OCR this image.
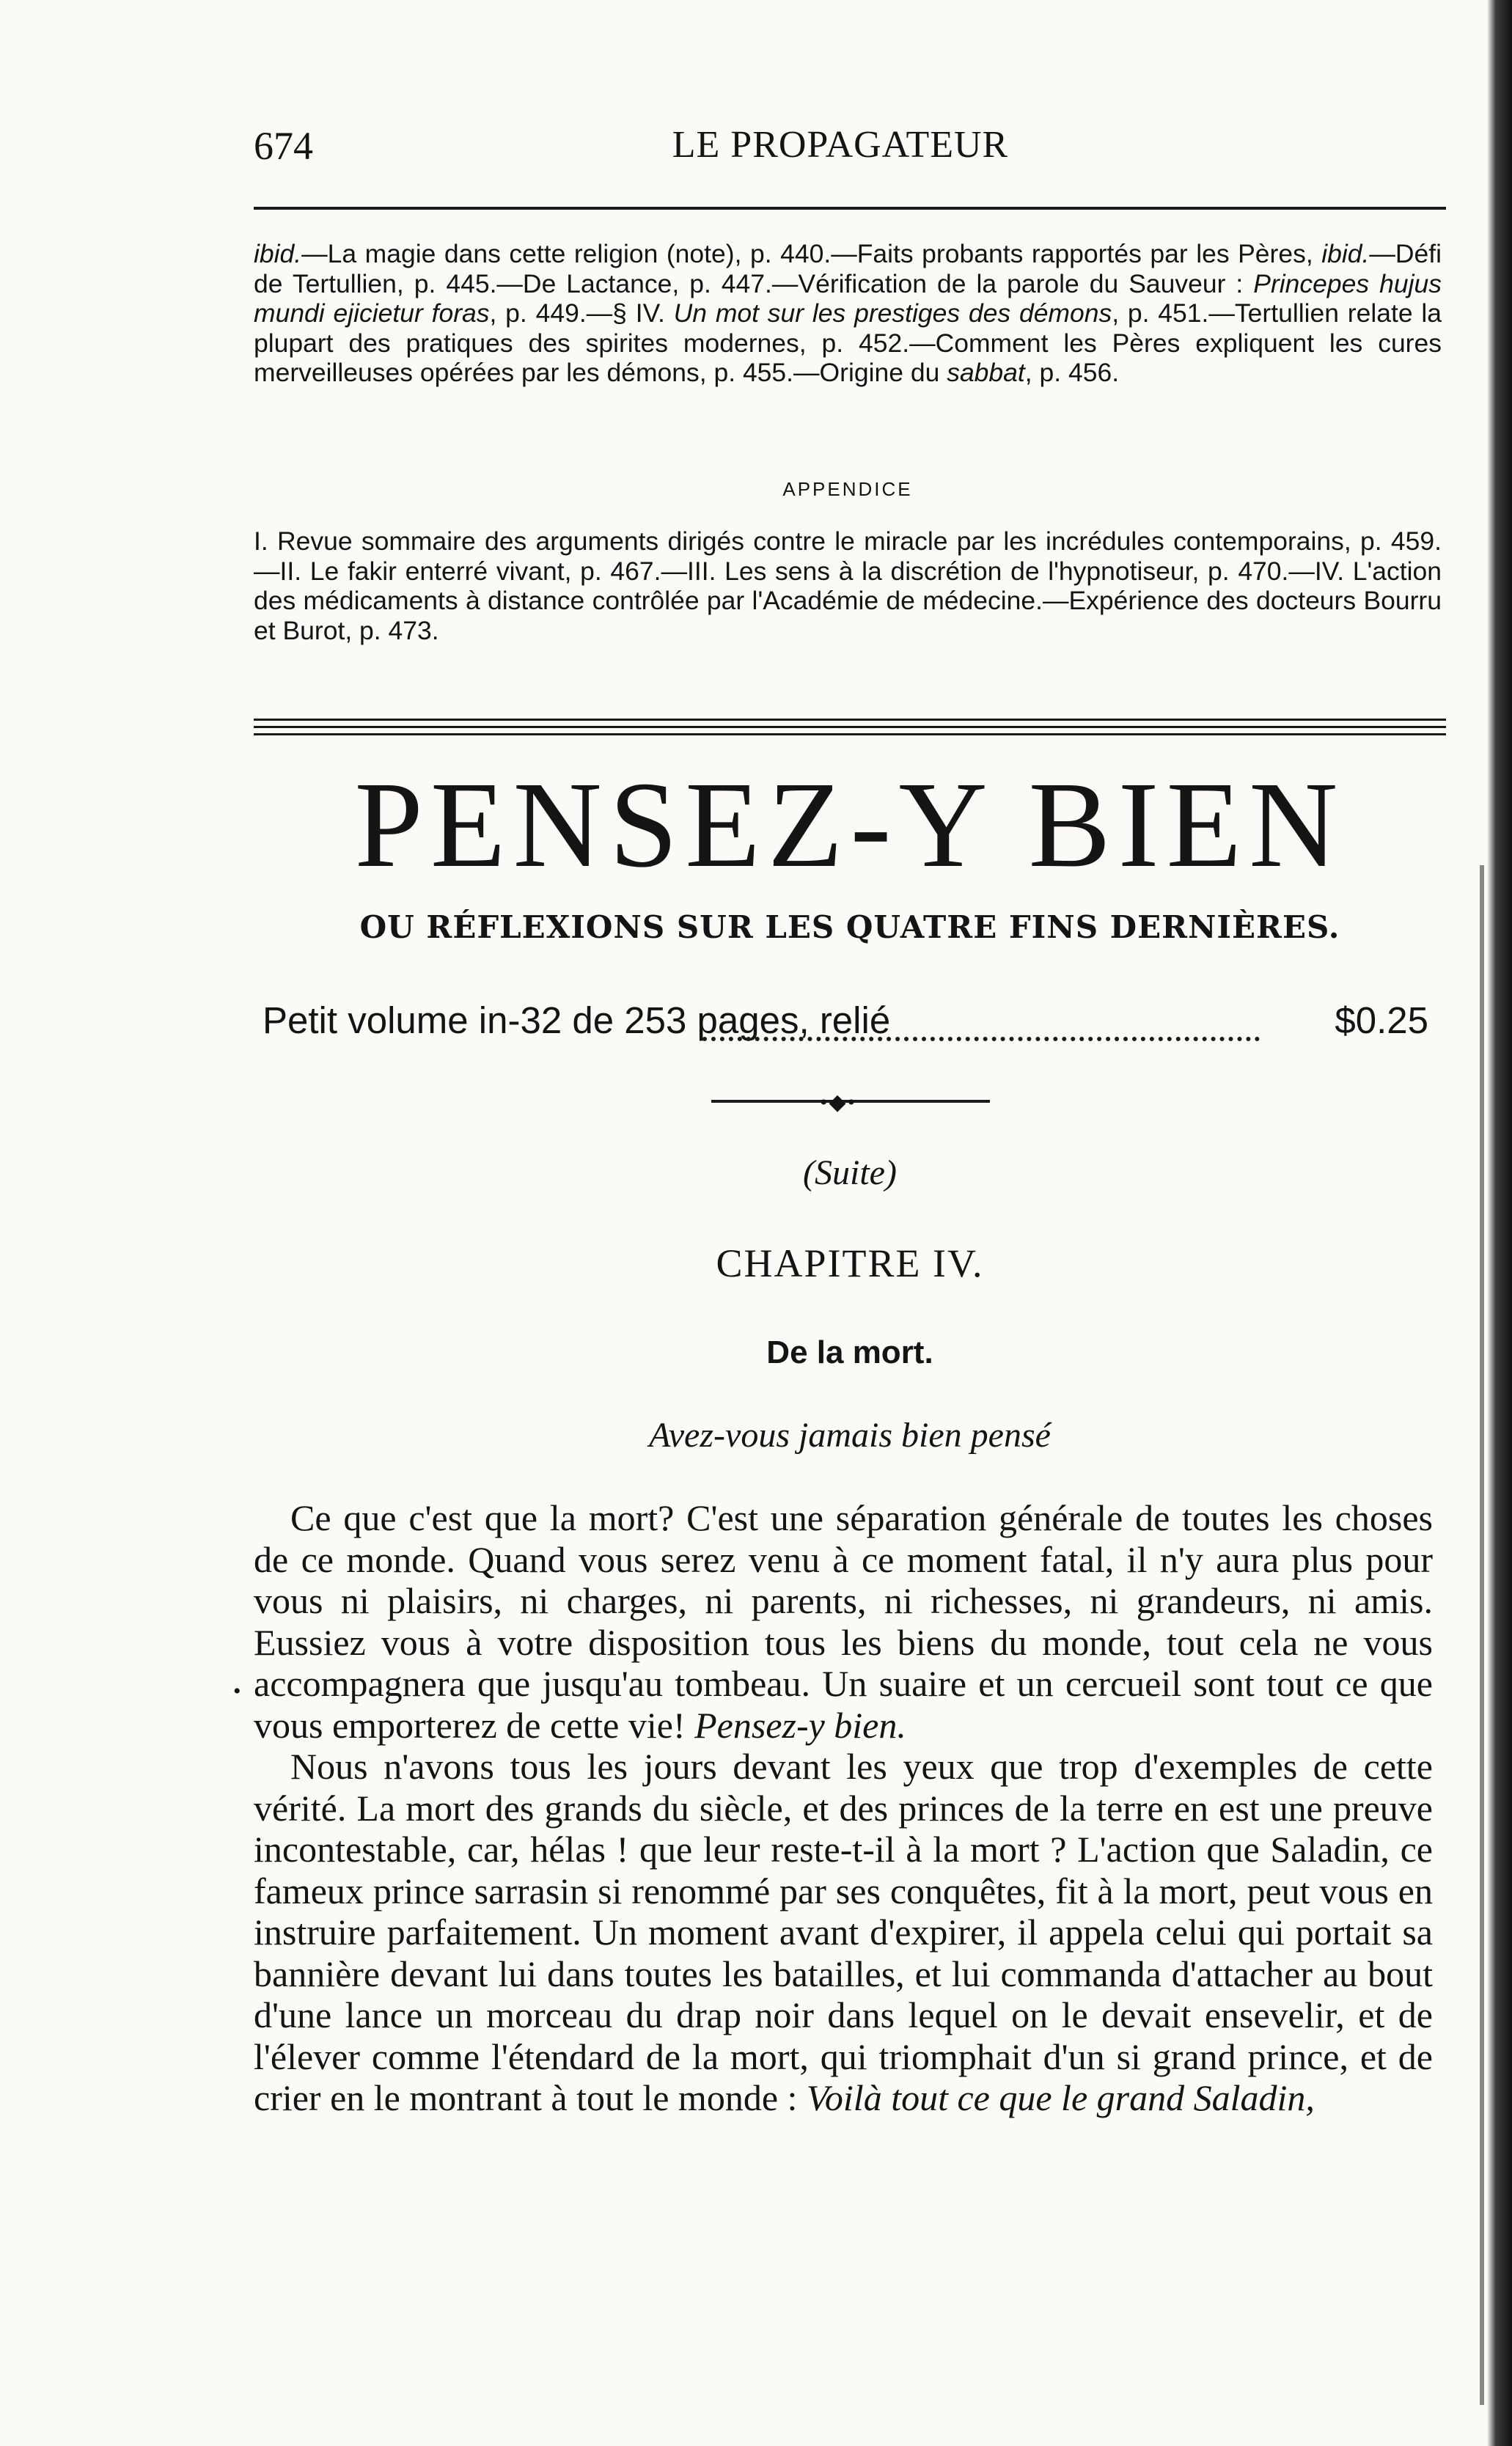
674	LE PROPAGATEUR
ibid.—La magie dans cette religion (note), p. 440.—Faits probants rapportés par les Pères, ibid.—Défi de Tertullien, p. 445.—De Lactance, p. 447.—Vérification de la parole du Sauveur : Princepes hujus mundi ejicietur foras, p. 449.—§ IV. Un mot sur les prestiges des démons, p. 451.—Tertullien relate la plupart des pratiques des spirites modernes, p. 452.—Comment les Pères expliquent les cures merveilleuses opérées par les démons, p. 455.—Origine du sabbat, p. 456.
APPENDICE
I. Revue sommaire des arguments dirigés contre le miracle par les incrédules contemporains, p. 459.—II. Le fakir enterré vivant, p. 467.—III. Les sens à la discrétion de l'hypnotiseur, p. 470.—IV. L'action des médicaments à distance contrôlée par l'Académie de médecine.—Expérience des docteurs Bourru et Burot, p. 473.
PENSEZ-Y BIEN
OU RÉFLEXIONS SUR LES QUATRE FINS DERNIÈRES.
Petit volume in-32 de 253 pages, relié	$0.25
•◆•
(Suite)
CHAPITRE IV.
De la mort.
Avez-vous jamais bien pensé
•

Ce que c'est que la mort? C'est une séparation générale de toutes les choses de ce monde. Quand vous serez venu à ce moment fatal, il n'y aura plus pour vous ni plaisirs, ni charges, ni parents, ni richesses, ni grandeurs, ni amis. Eussiez vous à votre disposition tous les biens du monde, tout cela ne vous accompagnera que jusqu'au tombeau. Un suaire et un cercueil sont tout ce que vous emporterez de cette vie! Pensez-y bien.

Nous n'avons tous les jours devant les yeux que trop d'exemples de cette vérité. La mort des grands du siècle, et des princes de la terre en est une preuve incontestable, car, hélas ! que leur reste-t-il à la mort ? L'action que Saladin, ce fameux prince sarrasin si renommé par ses conquêtes, fit à la mort, peut vous en instruire parfaitement. Un moment avant d'expirer, il appela celui qui portait sa bannière devant lui dans toutes les batailles, et lui commanda d'attacher au bout d'une lance un morceau du drap noir dans lequel on le devait ensevelir, et de l'élever comme l'étendard de la mort, qui triomphait d'un si grand prince, et de crier en le montrant à tout le monde : Voilà tout ce que le grand Saladin,
